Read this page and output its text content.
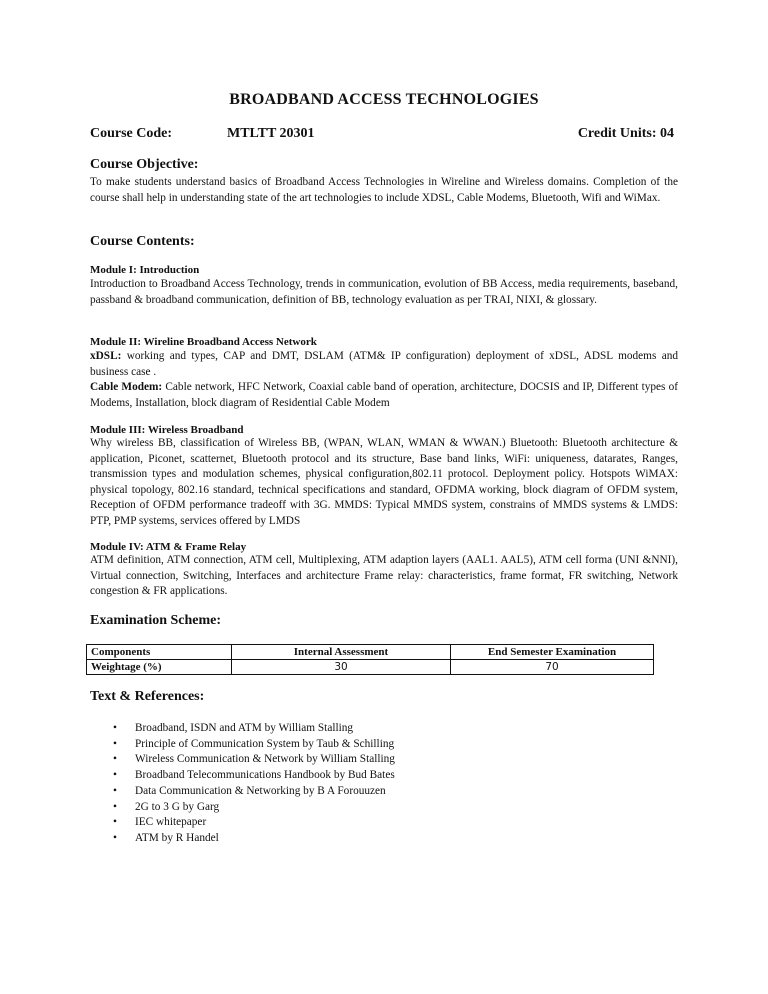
BROADBAND ACCESS TECHNOLOGIES
Course Code:	MTLTT 20301	Credit Units: 04
Course Objective:
To make students understand basics of Broadband Access Technologies in Wireline and Wireless domains. Completion of the course shall help in understanding state of the art technologies to include XDSL, Cable Modems, Bluetooth, Wifi and WiMax.
Course Contents:
Module I: Introduction
Introduction to Broadband Access Technology, trends in communication, evolution of BB Access, media requirements, baseband, passband & broadband communication, definition of BB, technology evaluation as per TRAI, NIXI, & glossary.
Module II: Wireline Broadband Access Network
xDSL: working and types, CAP and DMT, DSLAM (ATM& IP configuration) deployment of xDSL, ADSL modems and business case .
Cable Modem: Cable network, HFC Network, Coaxial cable band of operation, architecture, DOCSIS and IP, Different types of Modems, Installation, block diagram of Residential Cable Modem
Module III: Wireless Broadband
Why wireless BB, classification of Wireless BB, (WPAN, WLAN, WMAN & WWAN.) Bluetooth: Bluetooth architecture & application, Piconet, scatternet, Bluetooth protocol and its structure, Base band links, WiFi: uniqueness, datarates, Ranges, transmission types and modulation schemes, physical configuration,802.11 protocol. Deployment policy. Hotspots WiMAX: physical topology, 802.16 standard, technical specifications and standard, OFDMA working, block diagram of OFDM system, Reception of OFDM performance tradeoff with 3G. MMDS: Typical MMDS system, constrains of MMDS systems & LMDS: PTP, PMP systems, services offered by LMDS
Module IV: ATM & Frame Relay
ATM definition, ATM connection, ATM cell, Multiplexing, ATM adaption layers (AAL1. AAL5), ATM cell forma (UNI &NNI), Virtual connection, Switching, Interfaces and architecture Frame relay: characteristics, frame format, FR switching, Network congestion & FR applications.
Examination Scheme:
Components	Internal Assessment	End Semester Examination
Weightage (%)	30	70
Text & References:
• Broadband, ISDN and ATM by William Stalling
• Principle of Communication System by Taub & Schilling
• Wireless Communication & Network by William Stalling
• Broadband Telecommunications Handbook by Bud Bates
• Data Communication & Networking by B A Forouuzen
• 2G to 3 G by Garg
• IEC whitepaper
• ATM by R Handel
